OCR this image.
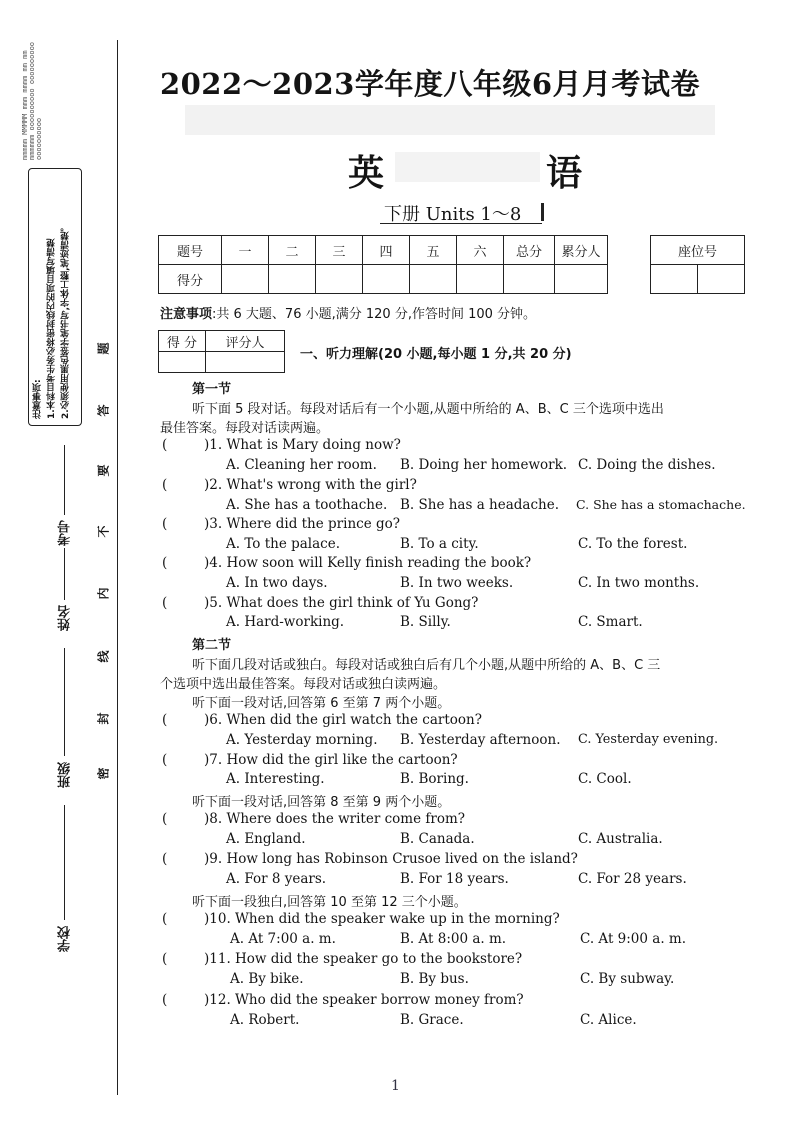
mmmmm MMMMM mmm mmmm mm mm mmmmmm oooooooooo oooooooooo oooooooooo
注意事项: 1.本科目考生务必将密封线内的项目填写清楚 2.必须使用黑色签字笔书写,字体工整,笔迹清楚。
学校
班级
姓名
考号
密
封
线
内
不
要
答
题
2022～2023学年度八年级6月月考试卷
英	语
下册 Units 1～8
题号	一	二	三	四	五	六	总分	累分人
得分								
座位号

注意事项:共 6 大题、76 小题,满分 120 分,作答时间 100 分钟。
得 分	评分人

一、听力理解(20 小题,每小题 1 分,共 20 分)
第一节
听下面 5 段对话。每段对话后有一个小题,从题中所给的 A、B、C 三个选项中选出
最佳答案。每段对话读两遍。
(	)1. What is Mary doing now?
A. Cleaning her room. B. Doing her homework. C. Doing the dishes.
(	)2. What's wrong with the girl?
A. She has a toothache. B. She has a headache. C. She has a stomachache.
(	)3. Where did the prince go?
A. To the palace.	B. To a city.	C. To the forest.
(	)4. How soon will Kelly finish reading the book?
A. In two days.	B. In two weeks.	C. In two months.
(	)5. What does the girl think of Yu Gong?
A. Hard-working.	B. Silly.	C. Smart.
第二节
听下面几段对话或独白。每段对话或独白后有几个小题,从题中所给的 A、B、C 三
个选项中选出最佳答案。每段对话或独白读两遍。
听下面一段对话,回答第 6 至第 7 两个小题。
(	)6. When did the girl watch the cartoon?
A. Yesterday morning. B. Yesterday afternoon. C. Yesterday evening.
(	)7. How did the girl like the cartoon?
A. Interesting.	B. Boring.	C. Cool.
听下面一段对话,回答第 8 至第 9 两个小题。
(	)8. Where does the writer come from?
A. England.	B. Canada.	C. Australia.
(	)9. How long has Robinson Crusoe lived on the island?
A. For 8 years.	B. For 18 years.	C. For 28 years.
听下面一段独白,回答第 10 至第 12 三个小题。
(	)10. When did the speaker wake up in the morning?
A. At 7:00 a. m.	B. At 8:00 a. m.	C. At 9:00 a. m.
(	)11. How did the speaker go to the bookstore?
A. By bike.	B. By bus.	C. By subway.
(	)12. Who did the speaker borrow money from?
A. Robert.	B. Grace.	C. Alice.
1
